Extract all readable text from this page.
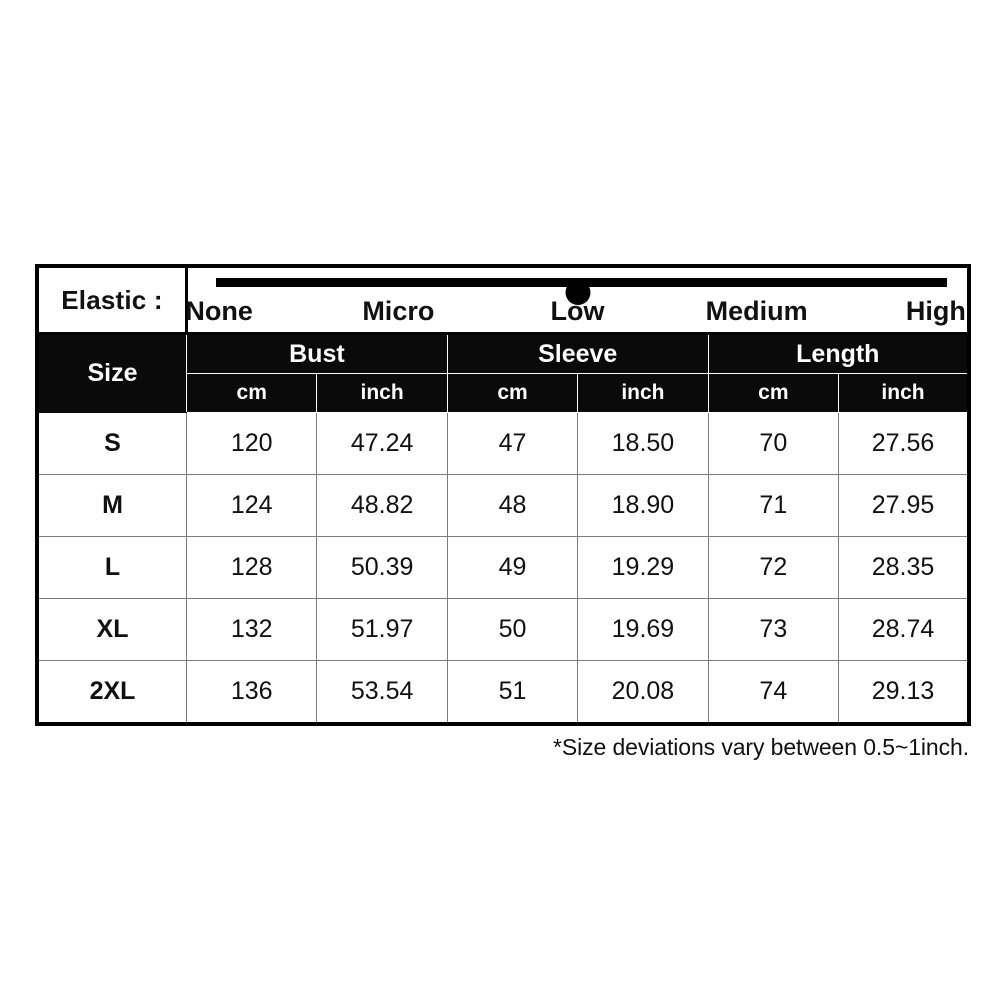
Elastic :	None Micro Low Medium High					

Size	Bust		Sleeve		Length	
	cm	inch	cm	inch	cm	inch
S	120	47.24	47	18.50	70	27.56
M	124	48.82	48	18.90	71	27.95
L	128	50.39	49	19.29	72	28.35
XL	132	51.97	50	19.69	73	28.74
2XL	136	53.54	51	20.08	74	29.13
*Size deviations vary between 0.5~1inch.
